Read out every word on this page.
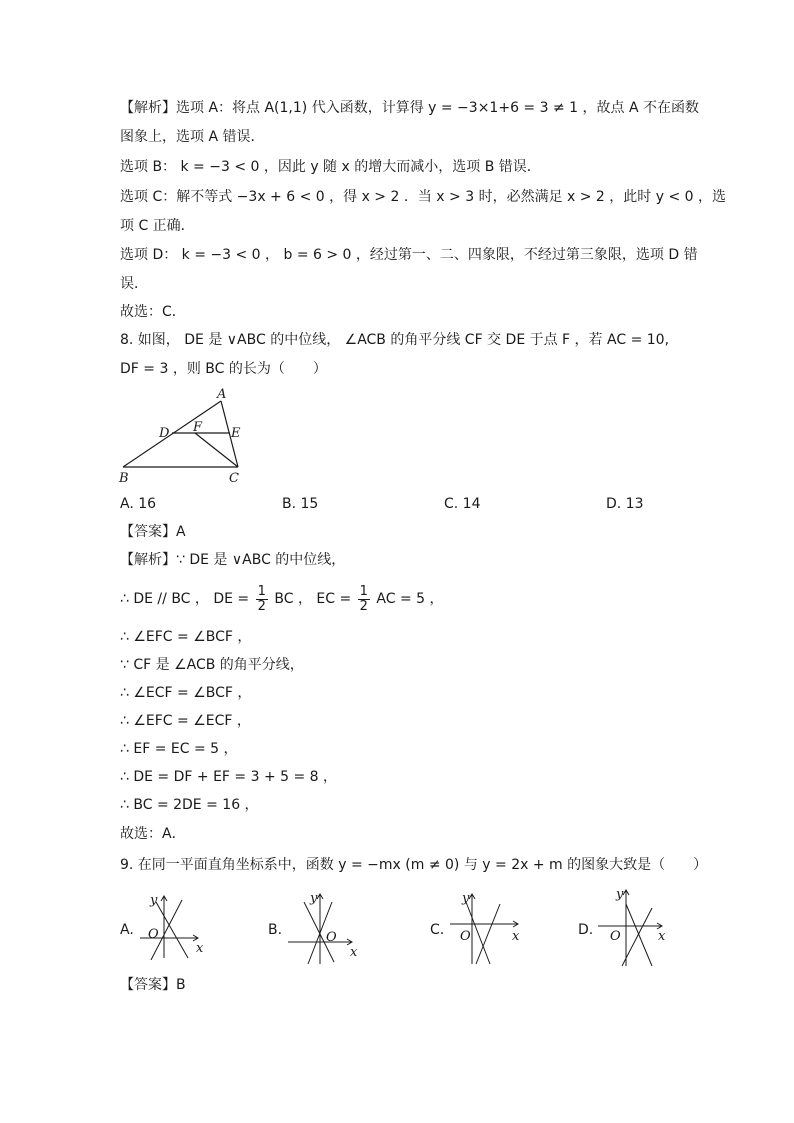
【解析】选项 A：将点 A(1,1) 代入函数，计算得 y = −3×1+6 = 3 ≠ 1 ，故点 A 不在函数
图象上，选项 A 错误．
选项 B： k = −3 < 0 ，因此 y 随 x 的增大而减小，选项 B 错误．
选项 C：解不等式 −3x + 6 < 0 ，得 x > 2 ．当 x > 3 时，必然满足 x > 2 ，此时 y < 0 ，选
项 C 正确．
选项 D： k = −3 < 0 ， b = 6 > 0 ，经过第一、二、四象限，不经过第三象限，选项 D 错
误．
故选：C．
8. 如图， DE 是 ∨ABC 的中位线， ∠ACB 的角平分线 CF 交 DE 于点 F ，若 AC = 10,
DF = 3 ，则 BC 的长为（　　）
A
B	C
D	E
F
A. 16	B. 15	C. 14	D. 13
【答案】A
【解析】∵ DE 是 ∨ABC 的中位线，
∴ DE // BC ， DE = $\frac{1}{2}$ BC ， EC = $\frac{1}{2}$ AC = 5 ，
∴ ∠EFC = ∠BCF ，
∵ CF 是 ∠ACB 的角平分线，
∴ ∠ECF = ∠BCF ，
∴ ∠EFC = ∠ECF ，
∴ EF = EC = 5 ，
∴ DE = DF + EF = 3 + 5 = 8 ，
∴ BC = 2DE = 16 ，
故选：A．
9. 在同一平面直角坐标系中，函数 y = −mx (m ≠ 0) 与 y = 2x + m 的图象大致是（　　）
A.
y
O
x
B.
y
O
x
C.
y
O	x	D.
y
O	x
【答案】B
